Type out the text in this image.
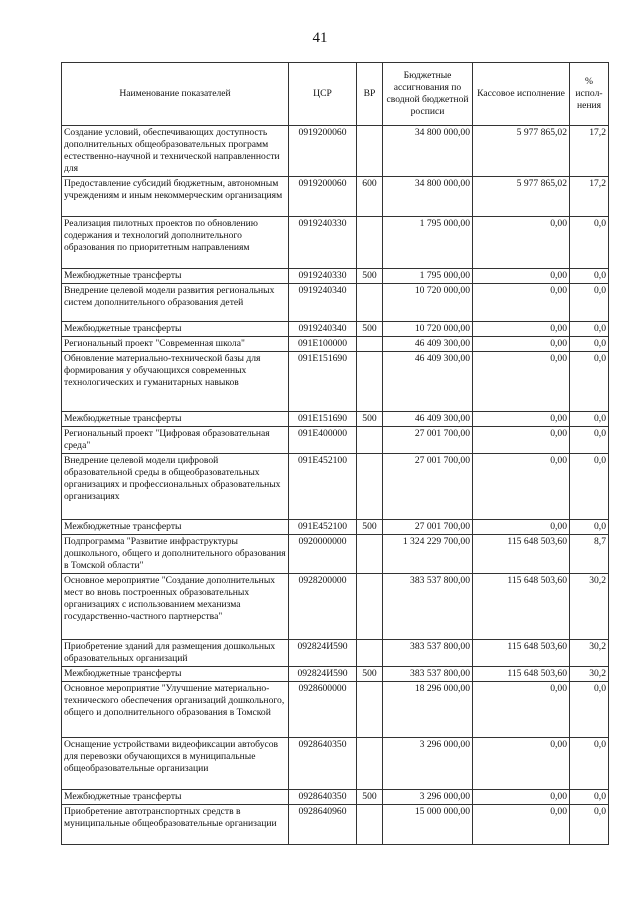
41
Наименование показателей	ЦСР	ВР	Бюджетные ассигнования по сводной бюджетной росписи	Кассовое исполнение	% испол-нения
Создание условий, обеспечивающих доступность дополнительных общеобразовательных программ естественно-научной и технической направленности для	0919200060		34 800 000,00	5 977 865,02	17,2
Предоставление субсидий бюджетным, автономным учреждениям и иным некоммерческим организациям	0919200060	600	34 800 000,00	5 977 865,02	17,2
Реализация пилотных проектов по обновлению содержания и технологий дополнительного образования по приоритетным направлениям	0919240330		1 795 000,00	0,00	0,0
Межбюджетные трансферты	0919240330	500	1 795 000,00	0,00	0,0
Внедрение целевой модели развития региональных систем дополнительного образования детей	0919240340		10 720 000,00	0,00	0,0
Межбюджетные трансферты	0919240340	500	10 720 000,00	0,00	0,0
Региональный проект "Современная школа"	091E100000		46 409 300,00	0,00	0,0
Обновление материально-технической базы для формирования у обучающихся современных технологических и гуманитарных навыков	091E151690		46 409 300,00	0,00	0,0
Межбюджетные трансферты	091E151690	500	46 409 300,00	0,00	0,0
Региональный проект "Цифровая образовательная среда"	091E400000		27 001 700,00	0,00	0,0
Внедрение целевой модели цифровой образовательной среды в общеобразовательных организациях и профессиональных образовательных организациях	091E452100		27 001 700,00	0,00	0,0
Межбюджетные трансферты	091E452100	500	27 001 700,00	0,00	0,0
Подпрограмма "Развитие инфраструктуры дошкольного, общего и дополнительного образования в Томской области"	0920000000		1 324 229 700,00	115 648 503,60	8,7
Основное мероприятие "Создание дополнительных мест во вновь построенных образовательных организациях с использованием механизма государственно-частного партнерства"	0928200000		383 537 800,00	115 648 503,60	30,2
Приобретение зданий для размещения дошкольных образовательных организаций	092824И590		383 537 800,00	115 648 503,60	30,2
Межбюджетные трансферты	092824И590	500	383 537 800,00	115 648 503,60	30,2
Основное мероприятие "Улучшение материально-технического обеспечения организаций дошкольного, общего и дополнительного образования в Томской	0928600000		18 296 000,00	0,00	0,0
Оснащение устройствами видеофиксации автобусов для перевозки обучающихся в муниципальные общеобразовательные организации	0928640350		3 296 000,00	0,00	0,0
Межбюджетные трансферты	0928640350	500	3 296 000,00	0,00	0,0
Приобретение автотранспортных средств в муниципальные общеобразовательные организации	0928640960		15 000 000,00	0,00	0,0
